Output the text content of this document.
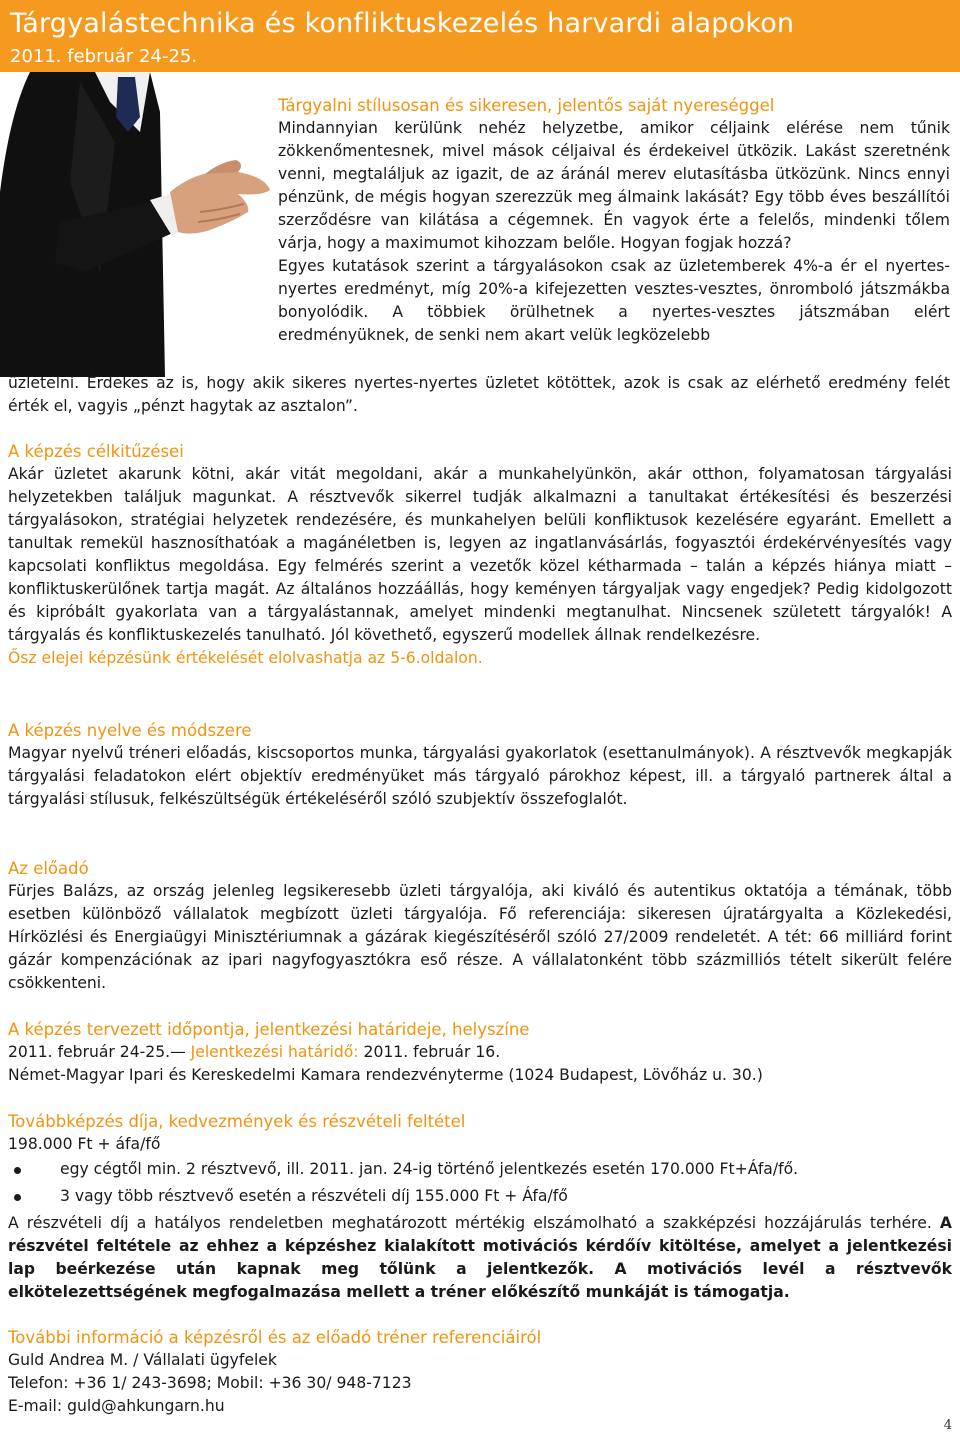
Tárgyalástechnika és konfliktuskezelés harvardi alapokon
2011. február 24-25.

Tárgyalni stílusosan és sikeresen, jelentős saját nyereséggel

Mindannyian kerülünk nehéz helyzetbe, amikor céljaink elérése nem tűnik zökkenőmentesnek, mivel mások céljaival és érdekeivel ütközik. Lakást szeretnénk venni, megtaláljuk az igazit, de az áránál merev elutasításba ütközünk. Nincs ennyi pénzünk, de mégis hogyan szerezzük meg álmaink lakását? Egy több éves beszállítói szerződésre van kilátása a cégemnek. Én vagyok érte a felelős, mindenki tőlem várja, hogy a maximumot kihozzam belőle. Hogyan fogjak hozzá?

Egyes kutatások szerint a tárgyalásokon csak az üzletemberek 4%-a ér el nyertes-nyertes eredményt, míg 20%-a kifejezetten vesztes-vesztes, önromboló játszmákba bonyolódik. A többiek örülhetnek a nyertes-vesztes játszmában elért eredményüknek, de senki nem akart velük legközelebb

üzletelni. Érdekes az is, hogy akik sikeres nyertes-nyertes üzletet kötöttek, azok is csak az elérhető eredmény felét érték el, vagyis „pénzt hagytak az asztalon”.

A képzés célkitűzései

Akár üzletet akarunk kötni, akár vitát megoldani, akár a munkahelyünkön, akár otthon, folyamatosan tárgyalási helyzetekben találjuk magunkat. A résztvevők sikerrel tudják alkalmazni a tanultakat értékesítési és beszerzési tárgyalásokon, stratégiai helyzetek rendezésére, és munkahelyen belüli konfliktusok kezelésére egyaránt. Emellett a tanultak remekül hasznosíthatóak a magánéletben is, legyen az ingatlanvásárlás, fogyasztói érdekérvényesítés vagy kapcsolati konfliktus megoldása. Egy felmérés szerint a vezetők közel kétharmada – talán a képzés hiánya miatt – konfliktuskerülőnek tartja magát. Az általános hozzáállás, hogy keményen tárgyaljak vagy engedjek? Pedig kidolgozott és kipróbált gyakorlata van a tárgyalástannak, amelyet mindenki megtanulhat. Nincsenek született tárgyalók! A tárgyalás és konfliktuskezelés tanulható. Jól követhető, egyszerű modellek állnak rendelkezésre.

Ősz elejei képzésünk értékelését elolvashatja az 5-6.oldalon.

A képzés nyelve és módszere

Magyar nyelvű tréneri előadás, kiscsoportos munka, tárgyalási gyakorlatok (esettanulmányok). A résztvevők megkapják tárgyalási feladatokon elért objektív eredményüket más tárgyaló párokhoz képest, ill. a tárgyaló partnerek által a tárgyalási stílusuk, felkészültségük értékeléséről szóló szubjektív összefoglalót.

Az előadó

Fürjes Balázs, az ország jelenleg legsikeresebb üzleti tárgyalója, aki kiváló és autentikus oktatója a témának, több esetben különböző vállalatok megbízott üzleti tárgyalója. Fő referenciája: sikeresen újratárgyalta a Közlekedési, Hírközlési és Energiaügyi Minisztériumnak a gázárak kiegészítéséről szóló 27/2009 rendeletét. A tét: 66 milliárd forint gázár kompenzációnak az ipari nagyfogyasztókra eső része. A vállalatonként több százmilliós tételt sikerült felére csökkenteni.

A képzés tervezett időpontja, jelentkezési határideje, helyszíne

2011. február 24-25.— Jelentkezési határidő: 2011. február 16.

Német-Magyar Ipari és Kereskedelmi Kamara rendezvényterme (1024 Budapest, Lövőház u. 30.)

Továbbképzés díja, kedvezmények és részvételi feltétel

198.000 Ft + áfa/fő

egy cégtől min. 2 résztvevő, ill. 2011. jan. 24-ig történő jelentkezés esetén 170.000 Ft+Áfa/fő.
3 vagy több résztvevő esetén a részvételi díj 155.000 Ft + Áfa/fő

A részvételi díj a hatályos rendeletben meghatározott mértékig elszámolható a szakképzési hozzájárulás terhére. A részvétel feltétele az ehhez a képzéshez kialakított motivációs kérdőív kitöltése, amelyet a jelentkezési lap beérkezése után kapnak meg tőlünk a jelentkezők. A motivációs levél a résztvevők elkötelezettségének megfogalmazása mellett a tréner előkészítő munkáját is támogatja.

További információ a képzésről és az előadó tréner referenciáiról

Guld Andrea M. / Vállalati ügyfelek

Telefon: +36 1/ 243-3698; Mobil: +36 30/ 948-7123

E-mail: guld@ahkungarn.hu

4
